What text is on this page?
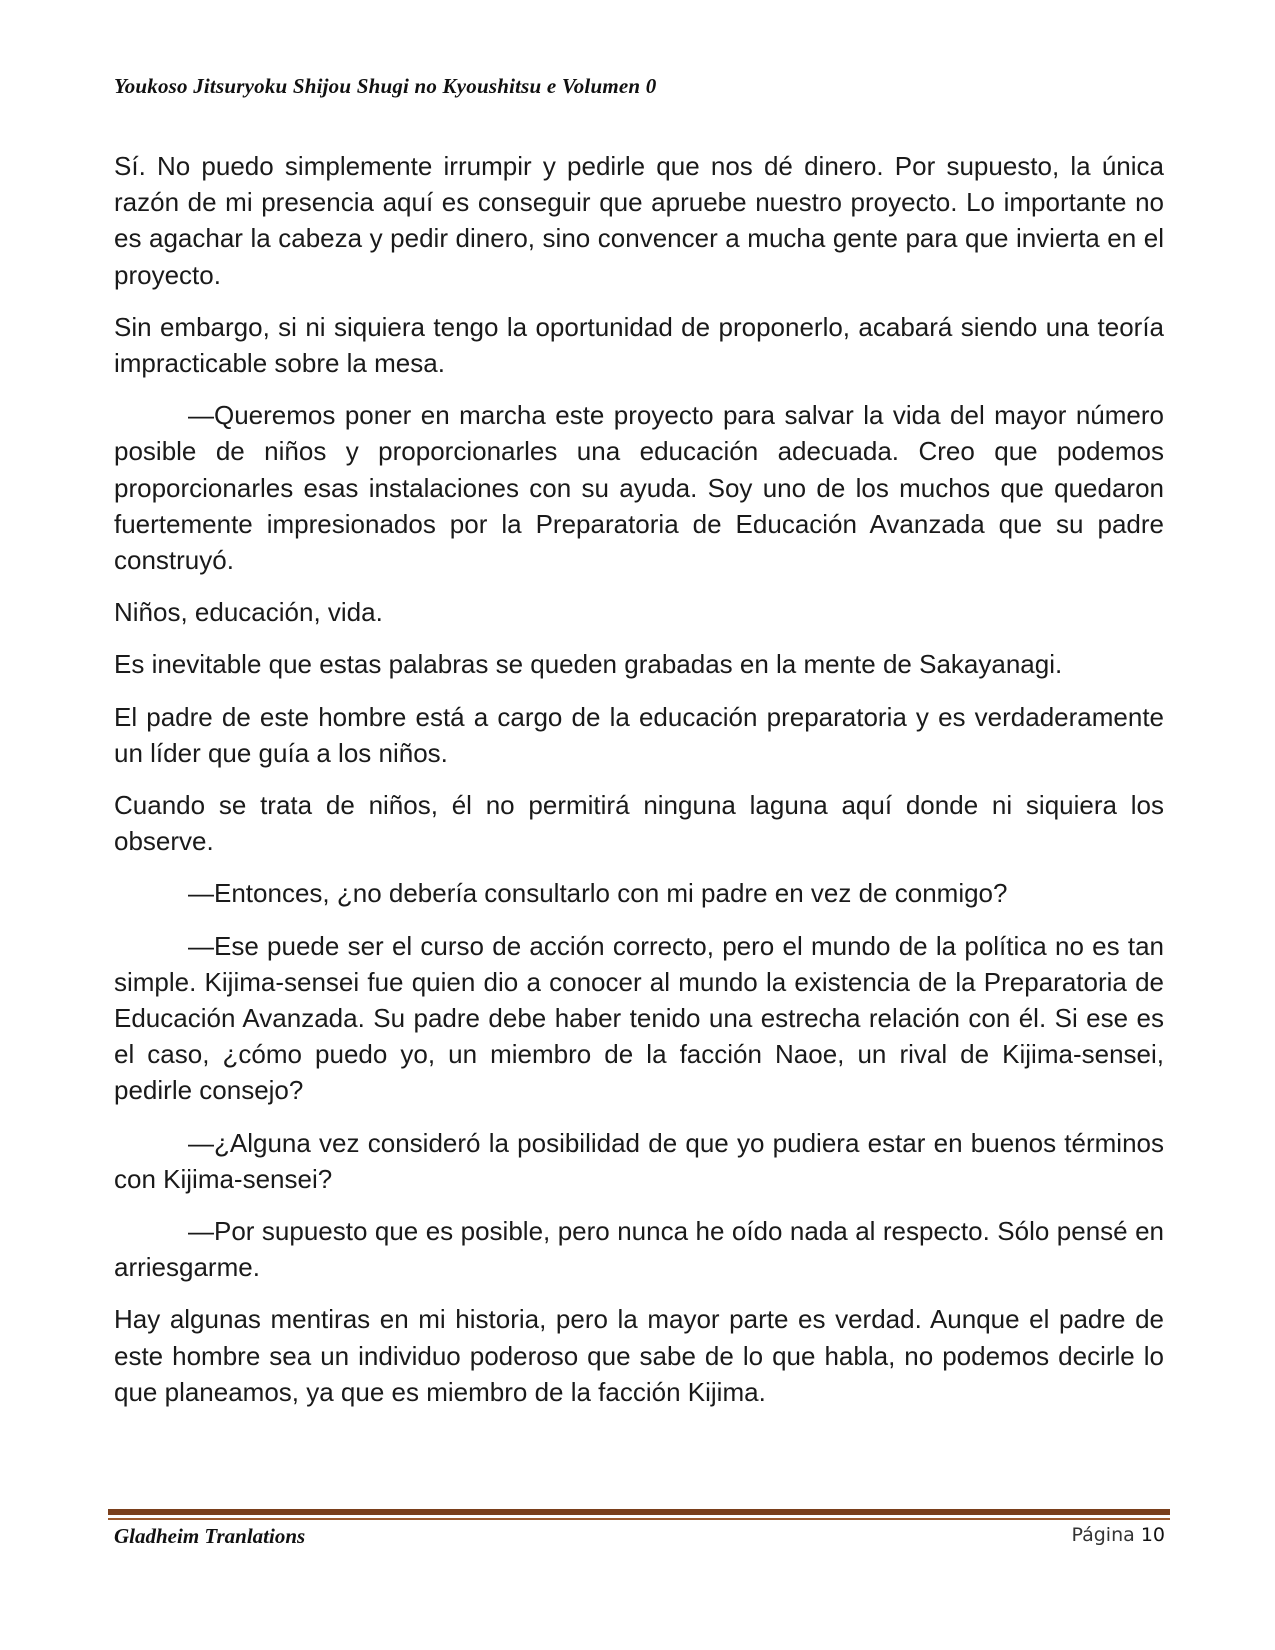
Youkoso Jitsuryoku Shijou Shugi no Kyoushitsu e Volumen 0

Sí. No puedo simplemente irrumpir y pedirle que nos dé dinero. Por supuesto, la única razón de mi presencia aquí es conseguir que apruebe nuestro proyecto. Lo importante no es agachar la cabeza y pedir dinero, sino convencer a mucha gente para que invierta en el proyecto.

Sin embargo, si ni siquiera tengo la oportunidad de proponerlo, acabará siendo una teoría impracticable sobre la mesa.

—Queremos poner en marcha este proyecto para salvar la vida del mayor número posible de niños y proporcionarles una educación adecuada. Creo que podemos proporcionarles esas instalaciones con su ayuda. Soy uno de los muchos que quedaron fuertemente impresionados por la Preparatoria de Educación Avanzada que su padre construyó.

Niños, educación, vida.

Es inevitable que estas palabras se queden grabadas en la mente de Sakayanagi.

El padre de este hombre está a cargo de la educación preparatoria y es verdaderamente un líder que guía a los niños.

Cuando se trata de niños, él no permitirá ninguna laguna aquí donde ni siquiera los observe.

—Entonces, ¿no debería consultarlo con mi padre en vez de conmigo?

—Ese puede ser el curso de acción correcto, pero el mundo de la política no es tan simple. Kijima-sensei fue quien dio a conocer al mundo la existencia de la Preparatoria de Educación Avanzada. Su padre debe haber tenido una estrecha relación con él. Si ese es el caso, ¿cómo puedo yo, un miembro de la facción Naoe, un rival de Kijima-sensei, pedirle consejo?

—¿Alguna vez consideró la posibilidad de que yo pudiera estar en buenos términos con Kijima-sensei?

—Por supuesto que es posible, pero nunca he oído nada al respecto. Sólo pensé en arriesgarme.

Hay algunas mentiras en mi historia, pero la mayor parte es verdad. Aunque el padre de este hombre sea un individuo poderoso que sabe de lo que habla, no podemos decirle lo que planeamos, ya que es miembro de la facción Kijima.

Gladheim Tranlations	Página 10
